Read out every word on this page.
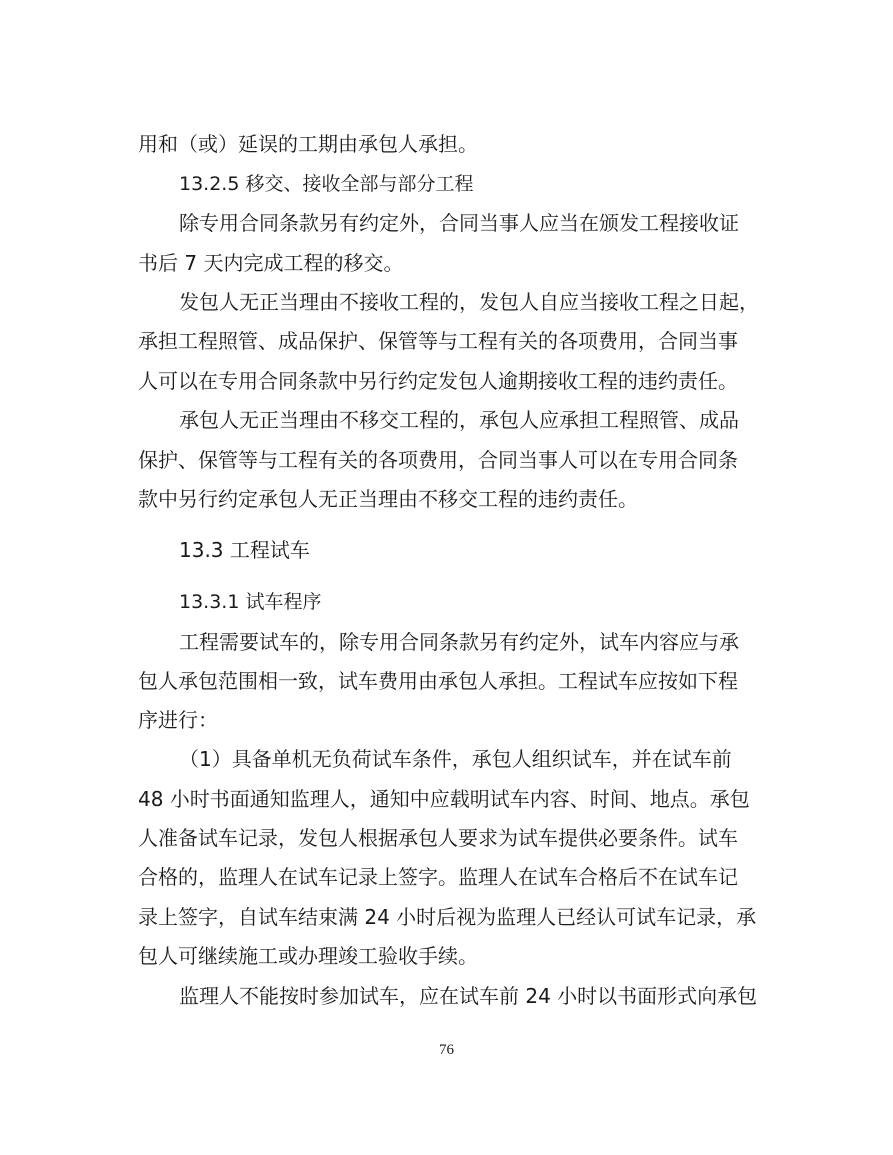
用和（或）延误的工期由承包人承担。

13.2.5 移交、接收全部与部分工程

除专用合同条款另有约定外，合同当事人应当在颁发工程接收证

书后 7 天内完成工程的移交。

发包人无正当理由不接收工程的，发包人自应当接收工程之日起，

承担工程照管、成品保护、保管等与工程有关的各项费用，合同当事

人可以在专用合同条款中另行约定发包人逾期接收工程的违约责任。

承包人无正当理由不移交工程的，承包人应承担工程照管、成品

保护、保管等与工程有关的各项费用，合同当事人可以在专用合同条

款中另行约定承包人无正当理由不移交工程的违约责任。

13.3 工程试车

13.3.1 试车程序

工程需要试车的，除专用合同条款另有约定外，试车内容应与承

包人承包范围相一致，试车费用由承包人承担。工程试车应按如下程

序进行：

（1）具备单机无负荷试车条件，承包人组织试车，并在试车前

48 小时书面通知监理人，通知中应载明试车内容、时间、地点。承包

人准备试车记录，发包人根据承包人要求为试车提供必要条件。试车

合格的，监理人在试车记录上签字。监理人在试车合格后不在试车记

录上签字，自试车结束满 24 小时后视为监理人已经认可试车记录，承

包人可继续施工或办理竣工验收手续。

监理人不能按时参加试车，应在试车前 24 小时以书面形式向承包

76
